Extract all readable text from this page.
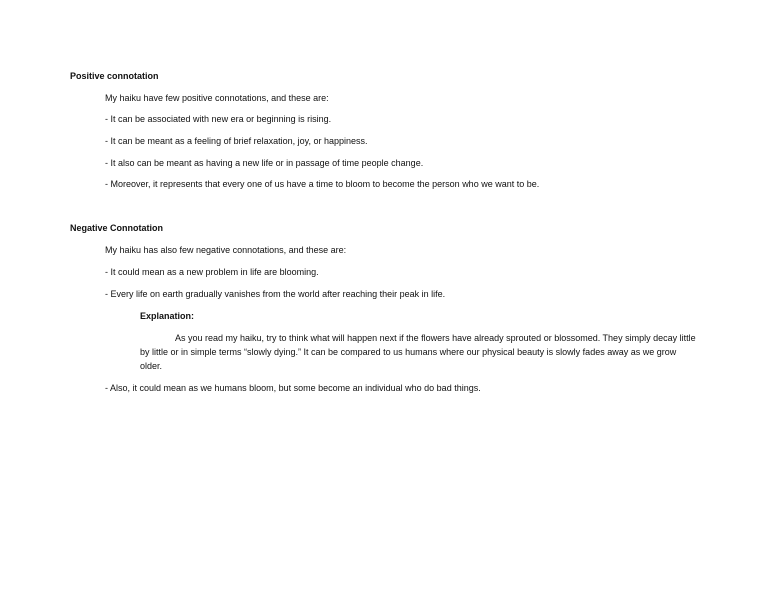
Positive connotation
My haiku have few positive connotations, and these are:
- It can be associated with new era or beginning is rising.
- It can be meant as a feeling of brief relaxation, joy, or happiness.
- It also can be meant as having a new life or in passage of time people change.
- Moreover, it represents that every one of us have a time to bloom to become the person who we want to be.
Negative Connotation
My haiku has also few negative connotations, and these are:
- It could mean as a new problem in life are blooming.
- Every life on earth gradually vanishes from the world after reaching their peak in life.
Explanation:
As you read my haiku, try to think what will happen next if the flowers have already sprouted or blossomed. They simply decay little by little or in simple terms “slowly dying.” It can be compared to us humans where our physical beauty is slowly fades away as we grow older.
- Also, it could mean as we humans bloom, but some become an individual who do bad things.
